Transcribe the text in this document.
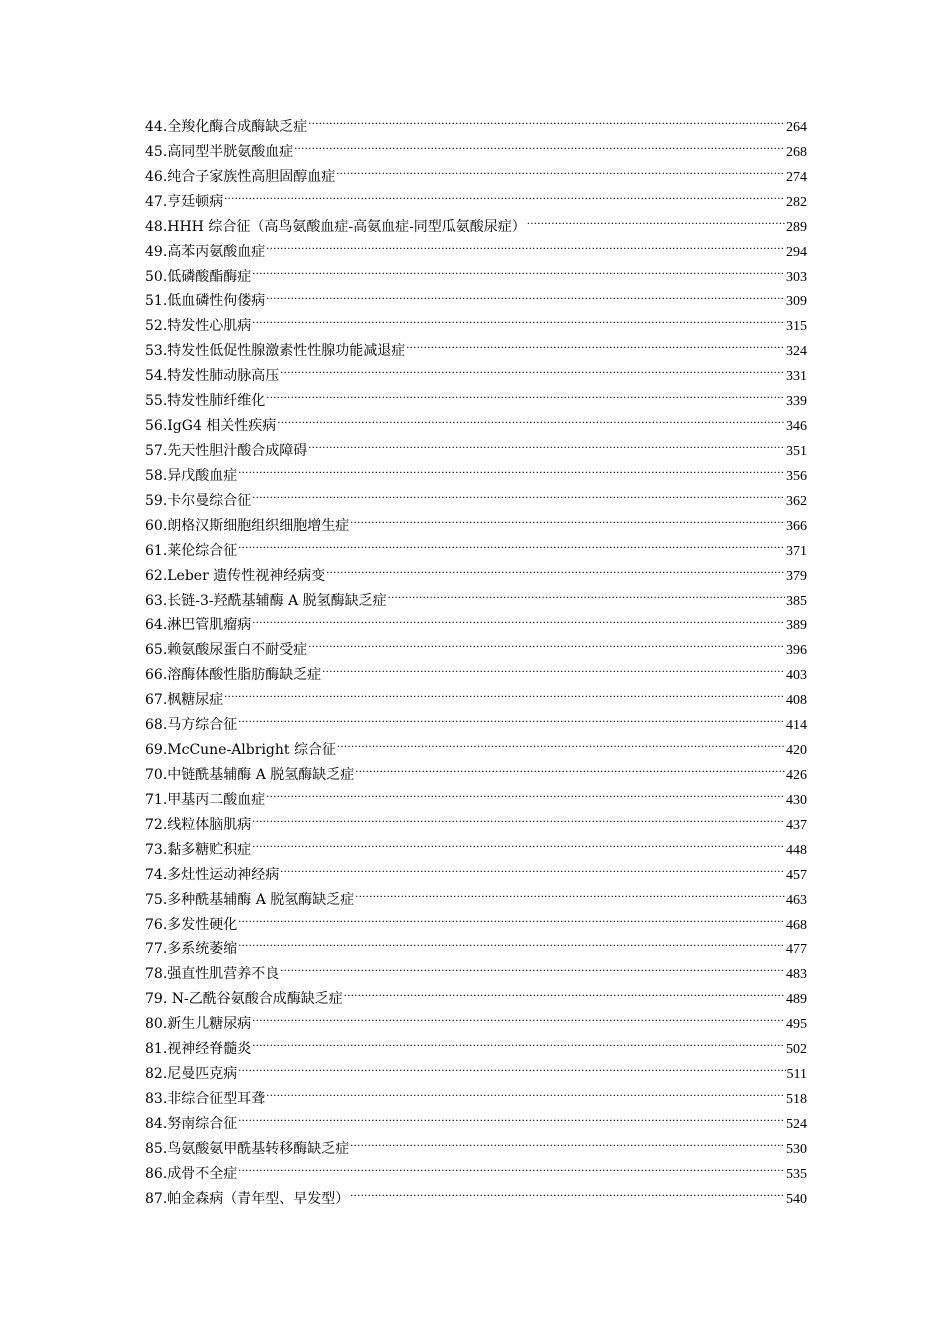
44.全羧化酶合成酶缺乏症 .....	264
45.高同型半胱氨酸血症 .....	268
46.纯合子家族性高胆固醇血症 .....	274
47.亨廷顿病 .....	282
48.HHH 综合征（高鸟氨酸血症-高氨血症-同型瓜氨酸尿症） .....	289
49.高苯丙氨酸血症 .....	294
50.低磷酸酯酶症 .....	303
51.低血磷性佝偻病 .....	309
52.特发性心肌病 .....	315
53.特发性低促性腺激素性性腺功能减退症 .....	324
54.特发性肺动脉高压 .....	331
55.特发性肺纤维化 .....	339
56.IgG4 相关性疾病 .....	346
57.先天性胆汁酸合成障碍 .....	351
58.异戊酸血症 .....	356
59.卡尔曼综合征 .....	362
60.朗格汉斯细胞组织细胞增生症 .....	366
61.莱伦综合征 .....	371
62.Leber 遗传性视神经病变 .....	379
63.长链-3-羟酰基辅酶 A 脱氢酶缺乏症 .....	385
64.淋巴管肌瘤病 .....	389
65.赖氨酸尿蛋白不耐受症 .....	396
66.溶酶体酸性脂肪酶缺乏症 .....	403
67.枫糖尿症 .....	408
68.马方综合征 .....	414
69.McCune-Albright 综合征 .....	420
70.中链酰基辅酶 A 脱氢酶缺乏症 .....	426
71.甲基丙二酸血症 .....	430
72.线粒体脑肌病 .....	437
73.黏多糖贮积症 .....	448
74.多灶性运动神经病 .....	457
75.多种酰基辅酶 A 脱氢酶缺乏症 .....	463
76.多发性硬化 .....	468
77.多系统萎缩 .....	477
78.强直性肌营养不良 .....	483
79. N-乙酰谷氨酸合成酶缺乏症 .....	489
80.新生儿糖尿病 .....	495
81.视神经脊髓炎 .....	502
82.尼曼匹克病 .....	511
83.非综合征型耳聋 .....	518
84.努南综合征 .....	524
85.鸟氨酸氨甲酰基转移酶缺乏症 .....	530
86.成骨不全症 .....	535
87.帕金森病（青年型、早发型） .....	540
